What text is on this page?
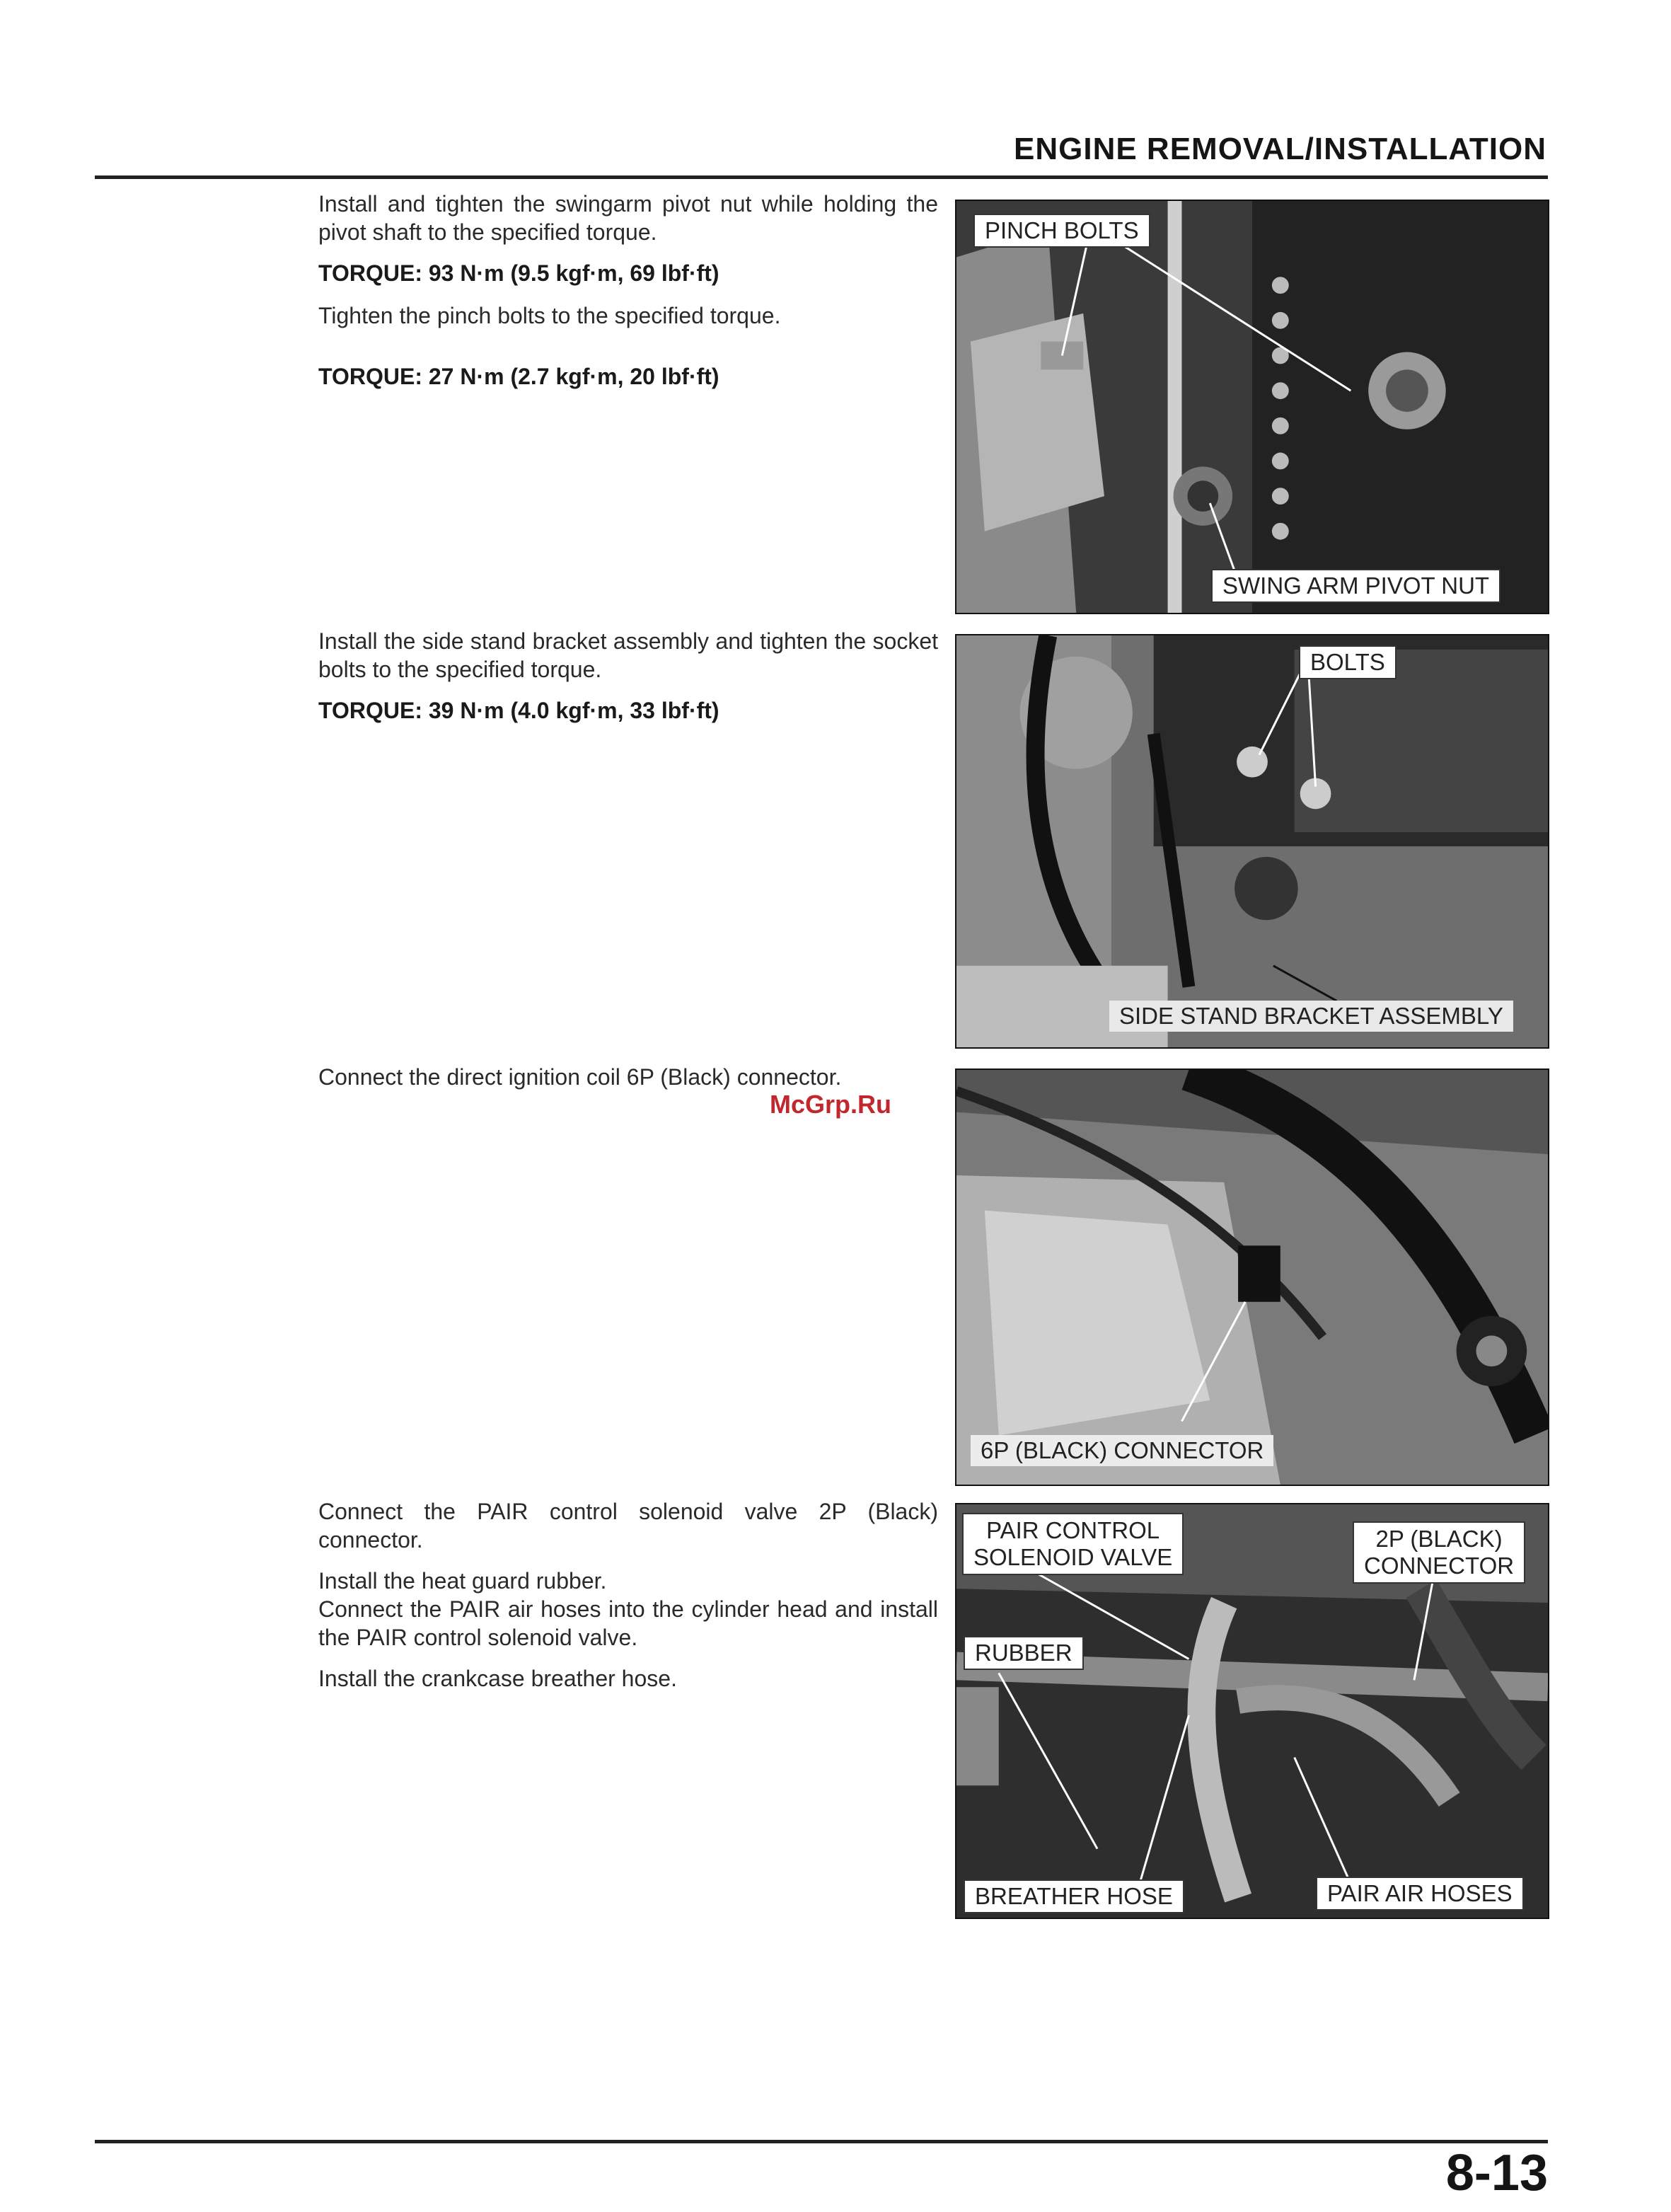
ENGINE REMOVAL/INSTALLATION

Install and tighten the swingarm pivot nut while holding the pivot shaft to the specified torque.

TORQUE: 93 N·m (9.5 kgf·m, 69 lbf·ft)

Tighten the pinch bolts to the specified torque.

TORQUE: 27 N·m (2.7 kgf·m, 20 lbf·ft)

PINCH BOLTS
SWING ARM PIVOT NUT

Install the side stand bracket assembly and tighten the socket bolts to the specified torque.

TORQUE: 39 N·m (4.0 kgf·m, 33 lbf·ft)

BOLTS
SIDE STAND BRACKET ASSEMBLY

Connect the direct ignition coil 6P (Black) connector.

McGrp.Ru
6P (BLACK) CONNECTOR

Connect the PAIR control solenoid valve 2P (Black) connector.

Install the heat guard rubber.

Connect the PAIR air hoses into the cylinder head and install the PAIR control solenoid valve.

Install the crankcase breather hose.

PAIR CONTROL
SOLENOID VALVE
2P (BLACK)
CONNECTOR
RUBBER
BREATHER HOSE	PAIR AIR HOSES
8-13
